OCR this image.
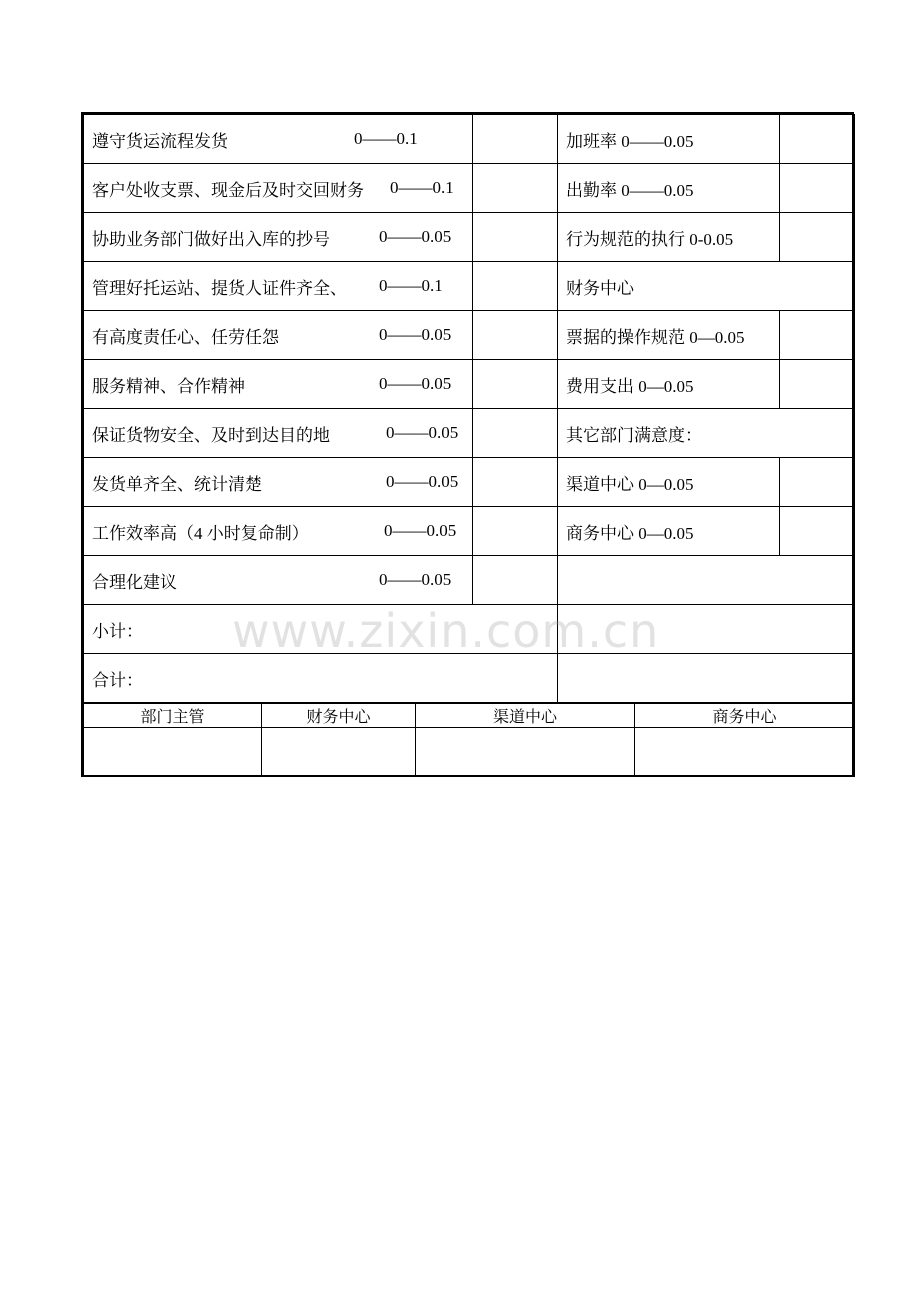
遵守货运流程发货 0——0.1		加班率 0——0.05	

客户处收支票、现金后及时交回财务 0——0.1		出勤率 0——0.05	

协助业务部门做好出入库的抄号 0——0.05		行为规范的执行 0-0.05	

管理好托运站、提货人证件齐全、 0——0.1		财务中心	

有高度责任心、任劳任怨 0——0.05		票据的操作规范 0—0.05	

服务精神、合作精神 0——0.05		费用支出 0—0.05	

保证货物安全、及时到达目的地 0——0.05		其它部门满意度：	

发货单齐全、统计清楚 0——0.05		渠道中心 0—0.05	

工作效率高（4 小时复命制） 0——0.05		商务中心 0—0.05	

合理化建议 0——0.05			

小计：			
合计：			
部门主管	财务中心	渠道中心	商务中心

www.zixin.com.cn
